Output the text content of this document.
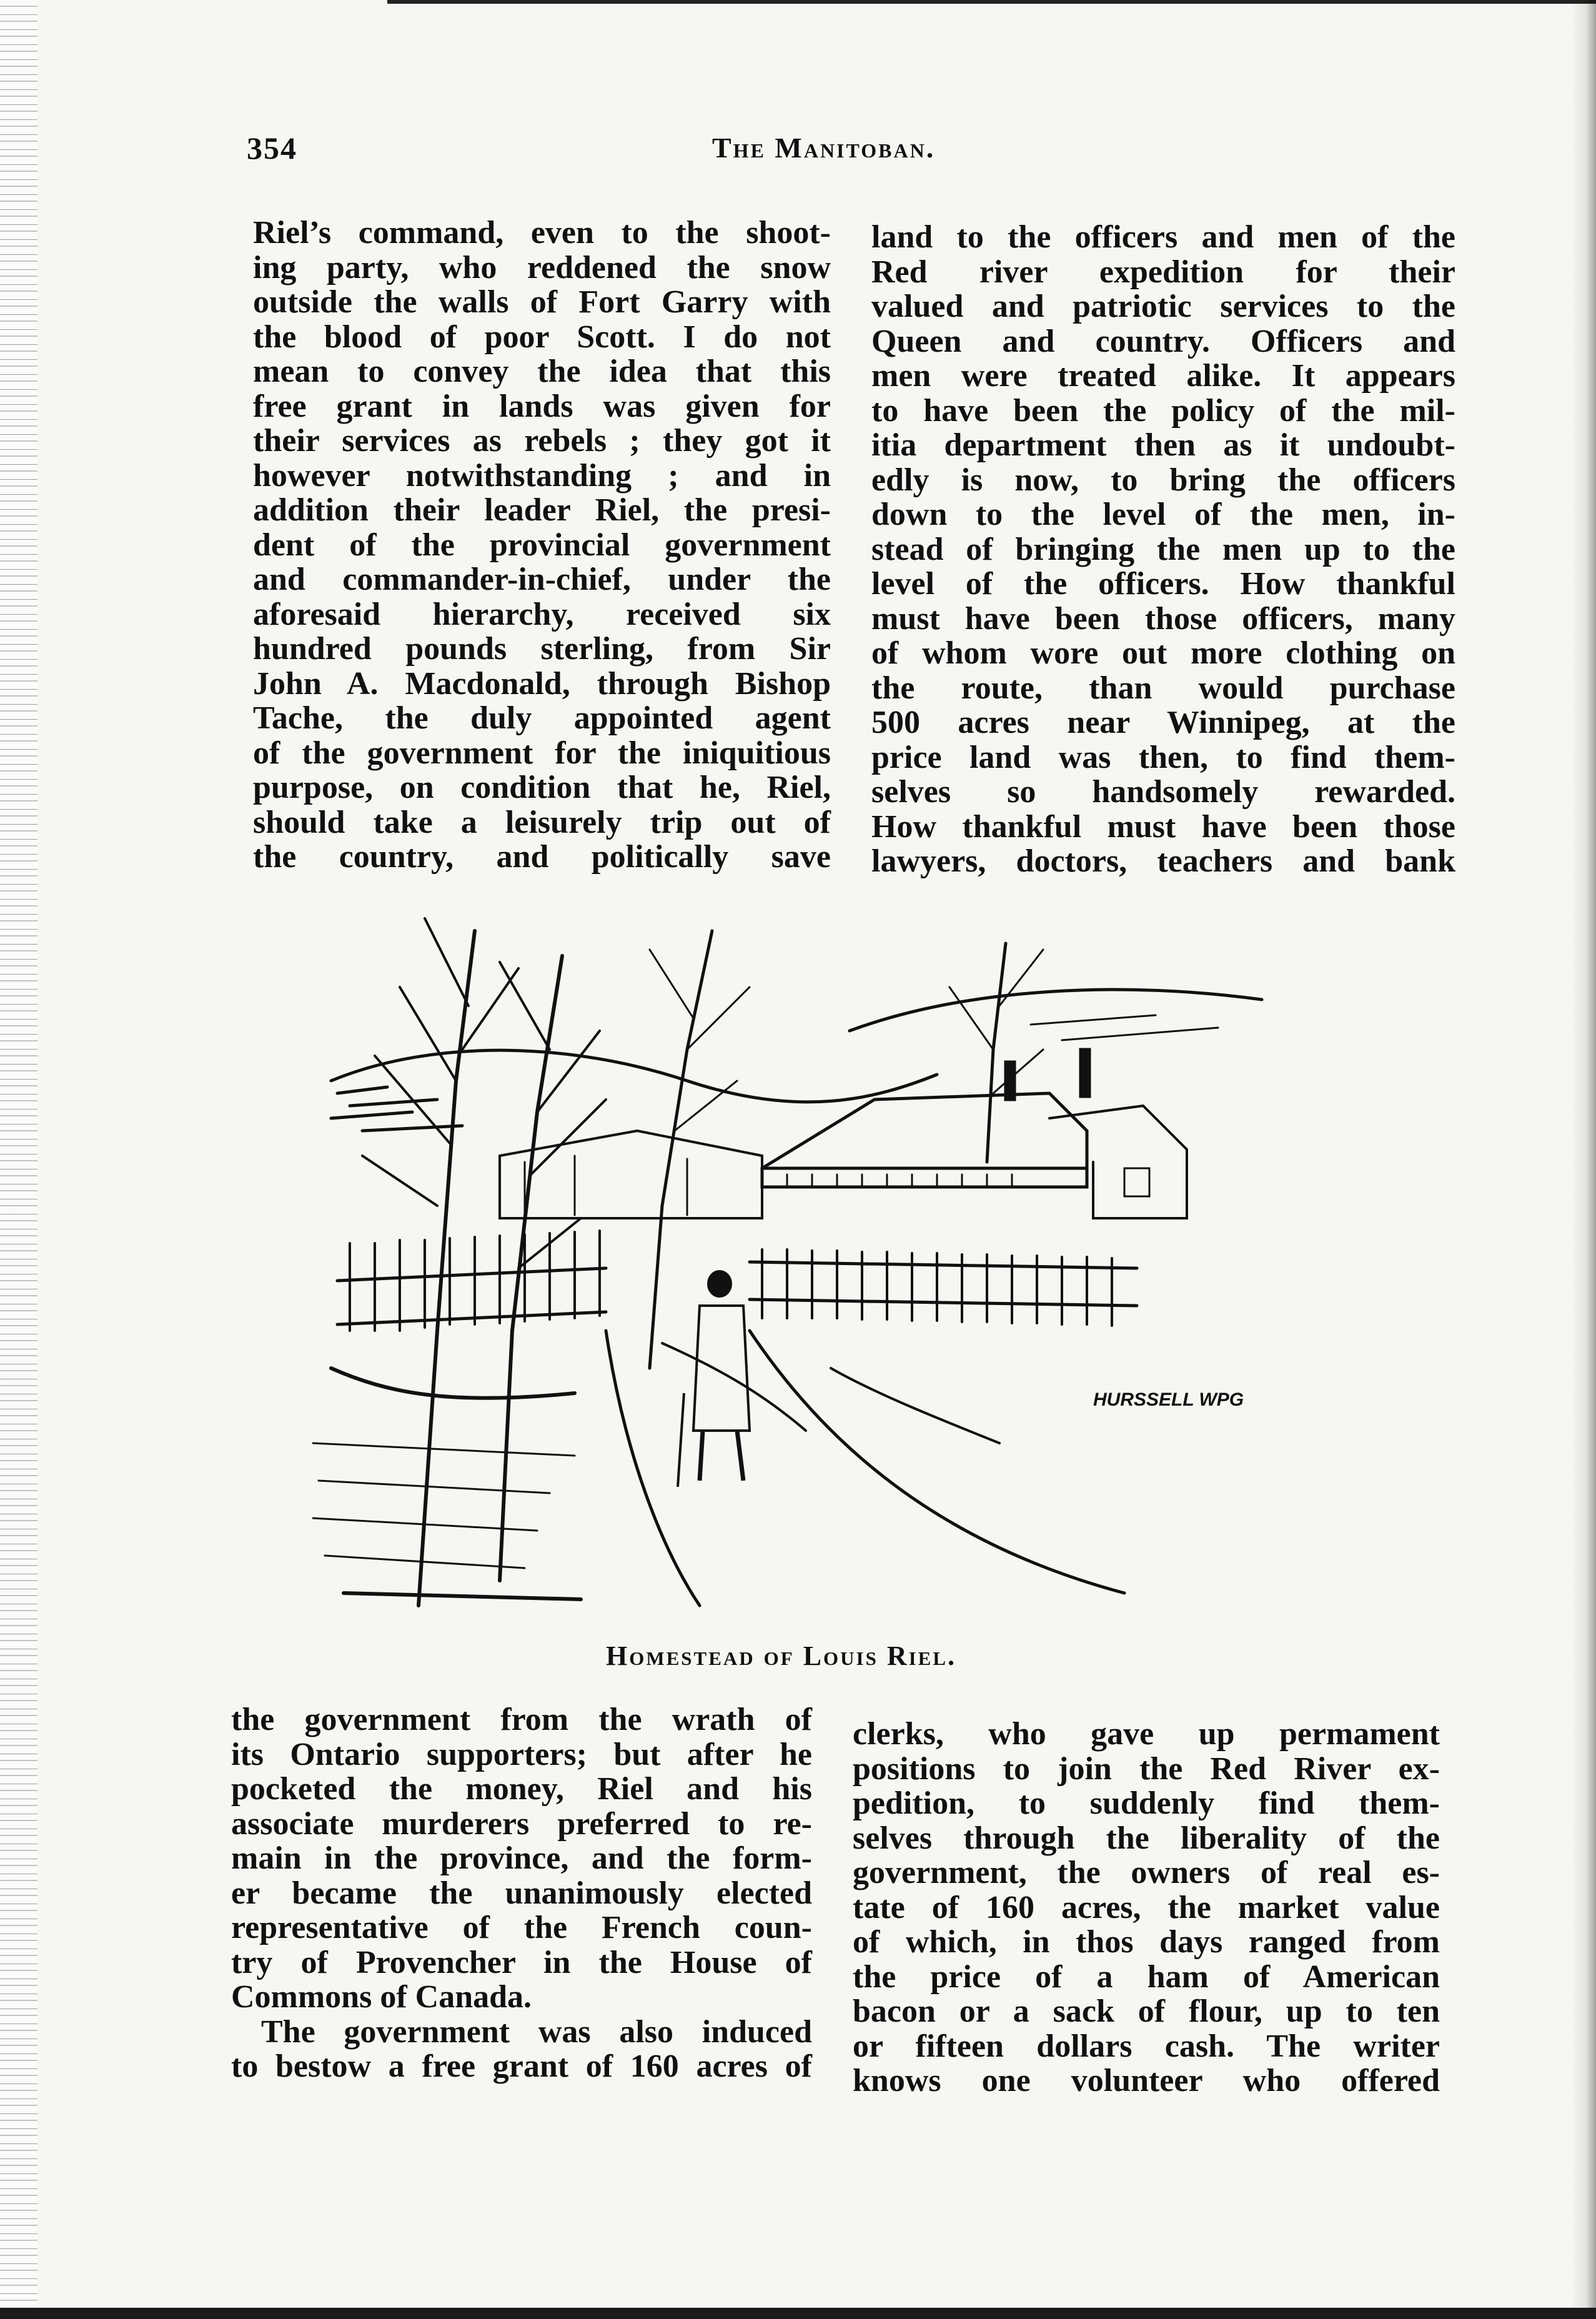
354	The Manitoban.

Riel’s command, even to the shoot-

ing party, who reddened the snow

outside the walls of Fort Garry with

the blood of poor Scott. I do not

mean to convey the idea that this

free grant in lands was given for

their services as rebels ; they got it

however notwithstanding ; and in

addition their leader Riel, the presi-

dent of the provincial government

and commander-in-chief, under the

aforesaid hierarchy, received six

hundred pounds sterling, from Sir

John A. Macdonald, through Bishop

Tache, the duly appointed agent

of the government for the iniquitious

purpose, on condition that he, Riel,

should take a leisurely trip out of

the country, and politically save

land to the officers and men of the

Red river expedition for their

valued and patriotic services to the

Queen and country. Officers and

men were treated alike. It appears

to have been the policy of the mil-

itia department then as it undoubt-

edly is now, to bring the officers

down to the level of the men, in-

stead of bringing the men up to the

level of the officers. How thankful

must have been those officers, many

of whom wore out more clothing on

the route, than would purchase

500 acres near Winnipeg, at the

price land was then, to find them-

selves so handsomely rewarded.

How thankful must have been those

lawyers, doctors, teachers and bank

HURSSELL WPG
Homestead of Louis Riel.

the government from the wrath of

its Ontario supporters; but after he

pocketed the money, Riel and his

associate murderers preferred to re-

main in the province, and the form-

er became the unanimously elected

representative of the French coun-

try of Provencher in the House of

Commons of Canada.

The government was also induced

to bestow a free grant of 160 acres of

clerks, who gave up permament

positions to join the Red River ex-

pedition, to suddenly find them-

selves through the liberality of the

government, the owners of real es-

tate of 160 acres, the market value

of which, in thos days ranged from

the price of a ham of American

bacon or a sack of flour, up to ten

or fifteen dollars cash. The writer

knows one volunteer who offered
